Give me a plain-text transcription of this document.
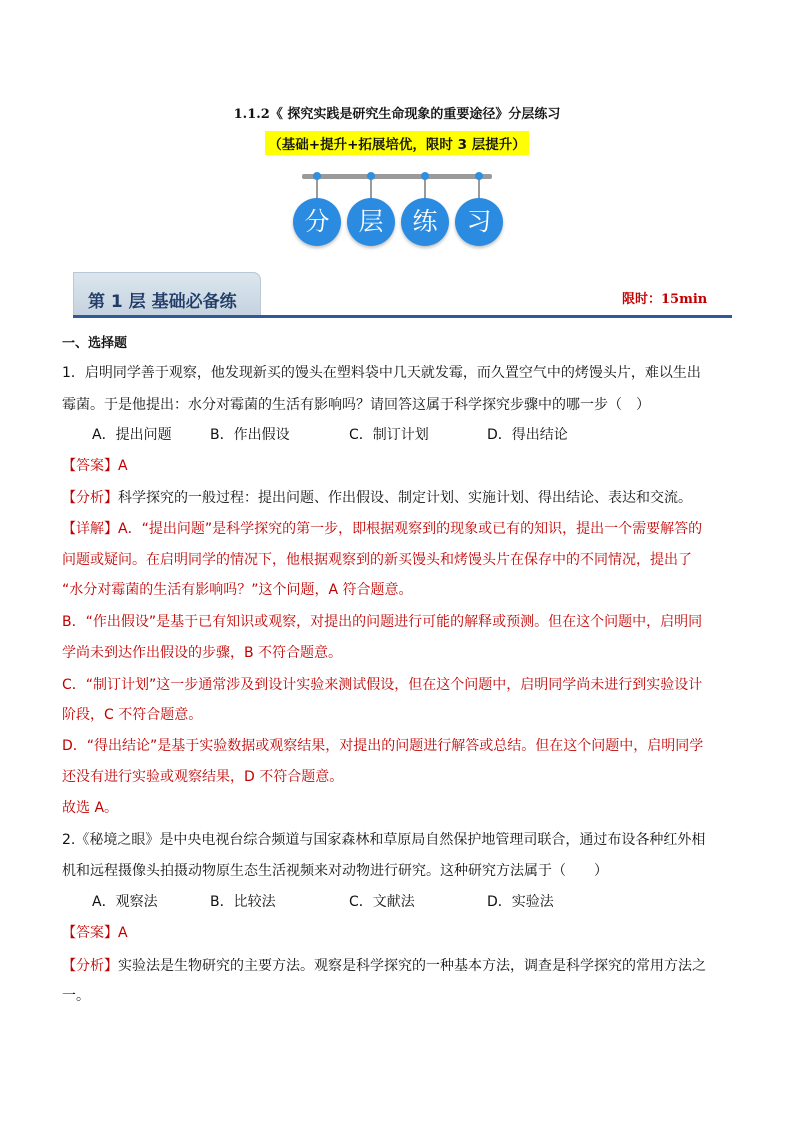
1.1.2《 探究实践是研究生命现象的重要途径》分层练习
（基础+提升+拓展培优，限时 3 层提升）
分	层	练	习
第 1 层 基础必备练	限时：15min
一、选择题
1．启明同学善于观察，他发现新买的馒头在塑料袋中几天就发霉，而久置空气中的烤馒头片，难以生出
霉菌。于是他提出：水分对霉菌的生活有影响吗？请回答这属于科学探究步骤中的哪一步（　）
A．提出问题	B．作出假设	C．制订计划	D．得出结论
【答案】A
【分析】科学探究的一般过程：提出问题、作出假设、制定计划、实施计划、得出结论、表达和交流。
【详解】A．“提出问题”是科学探究的第一步，即根据观察到的现象或已有的知识，提出一个需要解答的
问题或疑问。在启明同学的情况下，他根据观察到的新买馒头和烤馒头片在保存中的不同情况，提出了
“水分对霉菌的生活有影响吗？”这个问题，A 符合题意。
B．“作出假设”是基于已有知识或观察，对提出的问题进行可能的解释或预测。但在这个问题中，启明同
学尚未到达作出假设的步骤，B 不符合题意。
C．“制订计划”这一步通常涉及到设计实验来测试假设，但在这个问题中，启明同学尚未进行到实验设计
阶段，C 不符合题意。
D．“得出结论”是基于实验数据或观察结果，对提出的问题进行解答或总结。但在这个问题中，启明同学
还没有进行实验或观察结果，D 不符合题意。
故选 A。
2.《秘境之眼》是中央电视台综合频道与国家森林和草原局自然保护地管理司联合，通过布设各种红外相
机和远程摄像头拍摄动物原生态生活视频来对动物进行研究。这种研究方法属于（　　）
A．观察法	B．比较法	C．文献法	D．实验法
【答案】A
【分析】实验法是生物研究的主要方法。观察是科学探究的一种基本方法，调查是科学探究的常用方法之
一。
